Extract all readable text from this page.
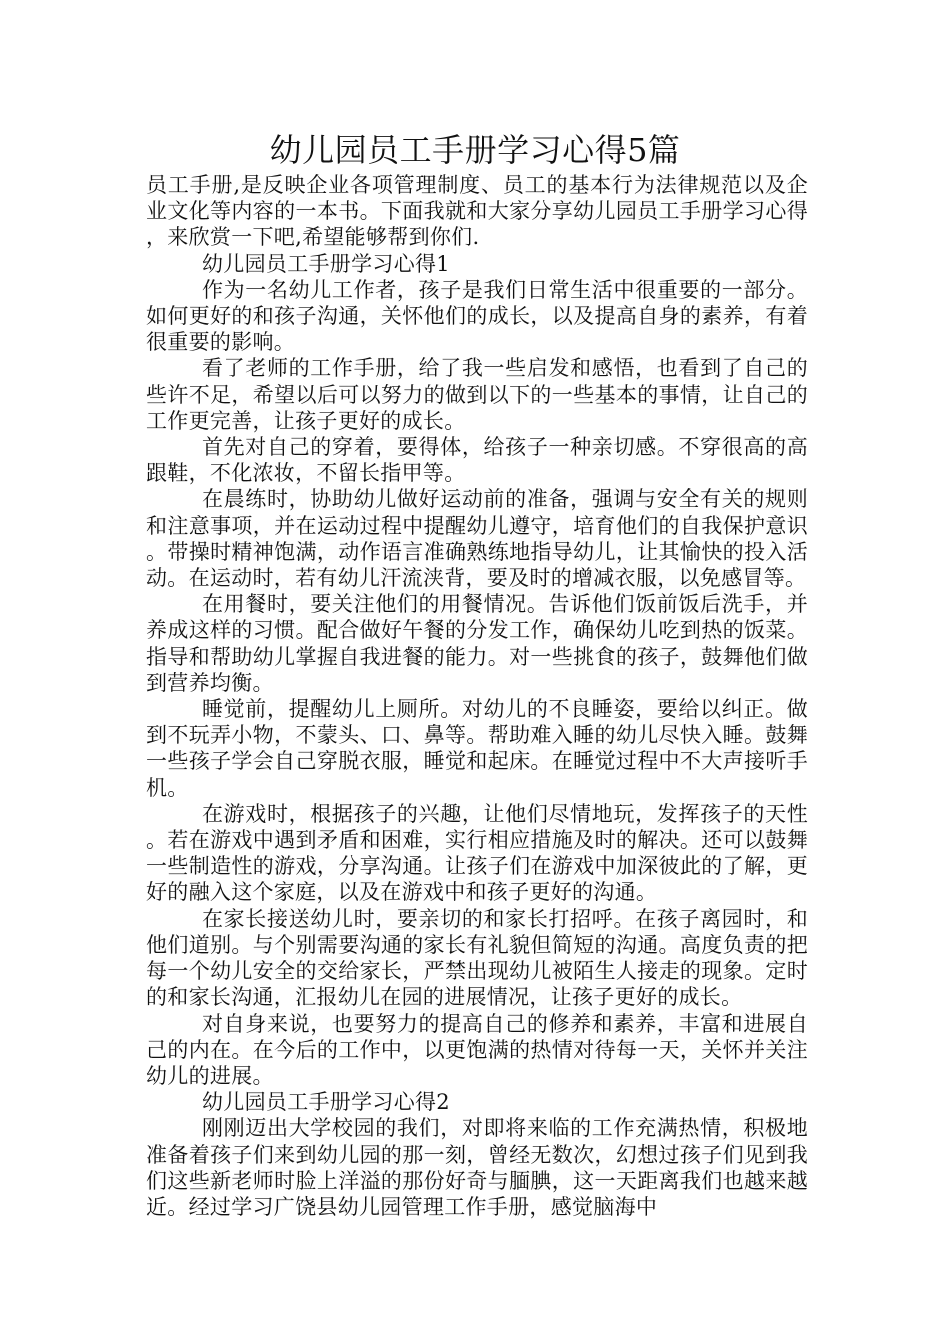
幼儿园员工手册学习心得5篇

员工手册,是反映企业各项管理制度、员工的基本行为法律规范以及企业文化等内容的一本书。下面我就和大家分享幼儿园员工手册学习心得，来欣赏一下吧,希望能够帮到你们.

幼儿园员工手册学习心得1

作为一名幼儿工作者，孩子是我们日常生活中很重要的一部分。如何更好的和孩子沟通，关怀他们的成长，以及提高自身的素养，有着很重要的影响。

看了老师的工作手册，给了我一些启发和感悟，也看到了自己的些许不足，希望以后可以努力的做到以下的一些基本的事情，让自己的工作更完善，让孩子更好的成长。

首先对自己的穿着，要得体，给孩子一种亲切感。不穿很高的高跟鞋，不化浓妆，不留长指甲等。

在晨练时，协助幼儿做好运动前的准备，强调与安全有关的规则和注意事项，并在运动过程中提醒幼儿遵守，培育他们的自我保护意识。带操时精神饱满，动作语言准确熟练地指导幼儿，让其愉快的投入活动。在运动时，若有幼儿汗流浃背，要及时的增减衣服，以免感冒等。

在用餐时，要关注他们的用餐情况。告诉他们饭前饭后洗手，并养成这样的习惯。配合做好午餐的分发工作，确保幼儿吃到热的饭菜。指导和帮助幼儿掌握自我进餐的能力。对一些挑食的孩子，鼓舞他们做到营养均衡。

睡觉前，提醒幼儿上厕所。对幼儿的不良睡姿，要给以纠正。做到不玩弄小物，不蒙头、口、鼻等。帮助难入睡的幼儿尽快入睡。鼓舞一些孩子学会自己穿脱衣服，睡觉和起床。在睡觉过程中不大声接听手机。

在游戏时，根据孩子的兴趣，让他们尽情地玩，发挥孩子的天性。若在游戏中遇到矛盾和困难，实行相应措施及时的解决。还可以鼓舞一些制造性的游戏，分享沟通。让孩子们在游戏中加深彼此的了解，更好的融入这个家庭，以及在游戏中和孩子更好的沟通。

在家长接送幼儿时，要亲切的和家长打招呼。在孩子离园时，和他们道别。与个别需要沟通的家长有礼貌但简短的沟通。高度负责的把每一个幼儿安全的交给家长，严禁出现幼儿被陌生人接走的现象。定时的和家长沟通，汇报幼儿在园的进展情况，让孩子更好的成长。

对自身来说，也要努力的提高自己的修养和素养，丰富和进展自己的内在。在今后的工作中，以更饱满的热情对待每一天，关怀并关注幼儿的进展。

幼儿园员工手册学习心得2

刚刚迈出大学校园的我们，对即将来临的工作充满热情，积极地准备着孩子们来到幼儿园的那一刻，曾经无数次，幻想过孩子们见到我们这些新老师时脸上洋溢的那份好奇与腼腆，这一天距离我们也越来越近。经过学习广饶县幼儿园管理工作手册，感觉脑海中
